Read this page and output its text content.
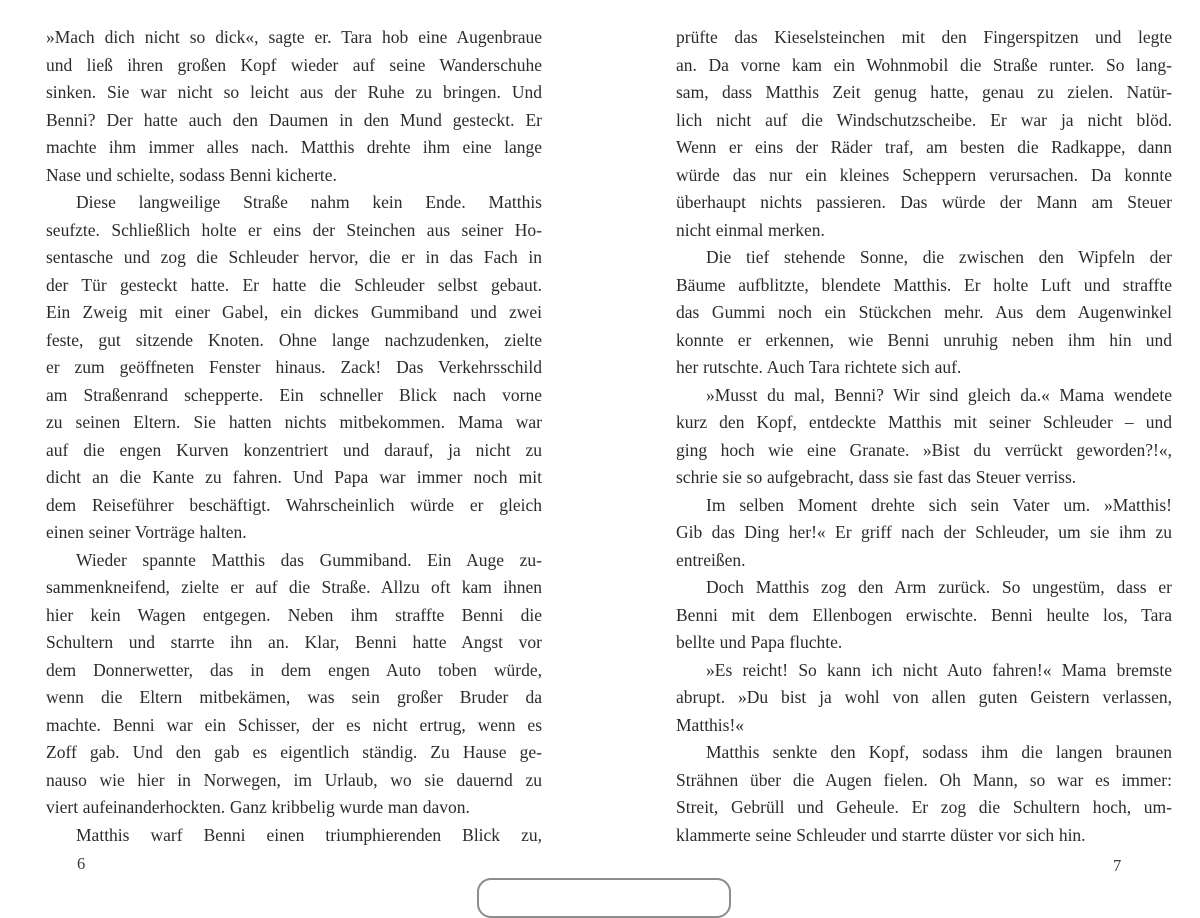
»Mach dich nicht so dick«, sagte er. Tara hob eine Augenbraue
und ließ ihren großen Kopf wieder auf seine Wanderschuhe
sinken. Sie war nicht so leicht aus der Ruhe zu bringen. Und
Benni? Der hatte auch den Daumen in den Mund gesteckt. Er
machte ihm immer alles nach. Matthis drehte ihm eine lange
Nase und schielte, sodass Benni kicherte.
Diese langweilige Straße nahm kein Ende. Matthis
seufzte. Schließlich holte er eins der Steinchen aus seiner Ho-
sentasche und zog die Schleuder hervor, die er in das Fach in
der Tür gesteckt hatte. Er hatte die Schleuder selbst gebaut.
Ein Zweig mit einer Gabel, ein dickes Gummiband und zwei
feste, gut sitzende Knoten. Ohne lange nachzudenken, zielte
er zum geöffneten Fenster hinaus. Zack! Das Verkehrsschild
am Straßenrand schepperte. Ein schneller Blick nach vorne
zu seinen Eltern. Sie hatten nichts mitbekommen. Mama war
auf die engen Kurven konzentriert und darauf, ja nicht zu
dicht an die Kante zu fahren. Und Papa war immer noch mit
dem Reiseführer beschäftigt. Wahrscheinlich würde er gleich
einen seiner Vorträge halten.
Wieder spannte Matthis das Gummiband. Ein Auge zu-
sammenkneifend, zielte er auf die Straße. Allzu oft kam ihnen
hier kein Wagen entgegen. Neben ihm straffte Benni die
Schultern und starrte ihn an. Klar, Benni hatte Angst vor
dem Donnerwetter, das in dem engen Auto toben würde,
wenn die Eltern mitbekämen, was sein großer Bruder da
machte. Benni war ein Schisser, der es nicht ertrug, wenn es
Zoff gab. Und den gab es eigentlich ständig. Zu Hause ge-
nauso wie hier in Norwegen, im Urlaub, wo sie dauernd zu
viert aufeinanderhockten. Ganz kribbelig wurde man davon.
Matthis warf Benni einen triumphierenden Blick zu,
prüfte das Kieselsteinchen mit den Fingerspitzen und legte
an. Da vorne kam ein Wohnmobil die Straße runter. So lang-
sam, dass Matthis Zeit genug hatte, genau zu zielen. Natür-
lich nicht auf die Windschutzscheibe. Er war ja nicht blöd.
Wenn er eins der Räder traf, am besten die Radkappe, dann
würde das nur ein kleines Scheppern verursachen. Da konnte
überhaupt nichts passieren. Das würde der Mann am Steuer
nicht einmal merken.
Die tief stehende Sonne, die zwischen den Wipfeln der
Bäume aufblitzte, blendete Matthis. Er holte Luft und straffte
das Gummi noch ein Stückchen mehr. Aus dem Augenwinkel
konnte er erkennen, wie Benni unruhig neben ihm hin und
her rutschte. Auch Tara richtete sich auf.
»Musst du mal, Benni? Wir sind gleich da.« Mama wendete
kurz den Kopf, entdeckte Matthis mit seiner Schleuder – und
ging hoch wie eine Granate. »Bist du verrückt geworden?!«,
schrie sie so aufgebracht, dass sie fast das Steuer verriss.
Im selben Moment drehte sich sein Vater um. »Matthis!
Gib das Ding her!« Er griff nach der Schleuder, um sie ihm zu
entreißen.
Doch Matthis zog den Arm zurück. So ungestüm, dass er
Benni mit dem Ellenbogen erwischte. Benni heulte los, Tara
bellte und Papa fluchte.
»Es reicht! So kann ich nicht Auto fahren!« Mama bremste
abrupt. »Du bist ja wohl von allen guten Geistern verlassen,
Matthis!«
Matthis senkte den Kopf, sodass ihm die langen braunen
Strähnen über die Augen fielen. Oh Mann, so war es immer:
Streit, Gebrüll und Geheule. Er zog die Schultern hoch, um-
klammerte seine Schleuder und starrte düster vor sich hin.
6	7
